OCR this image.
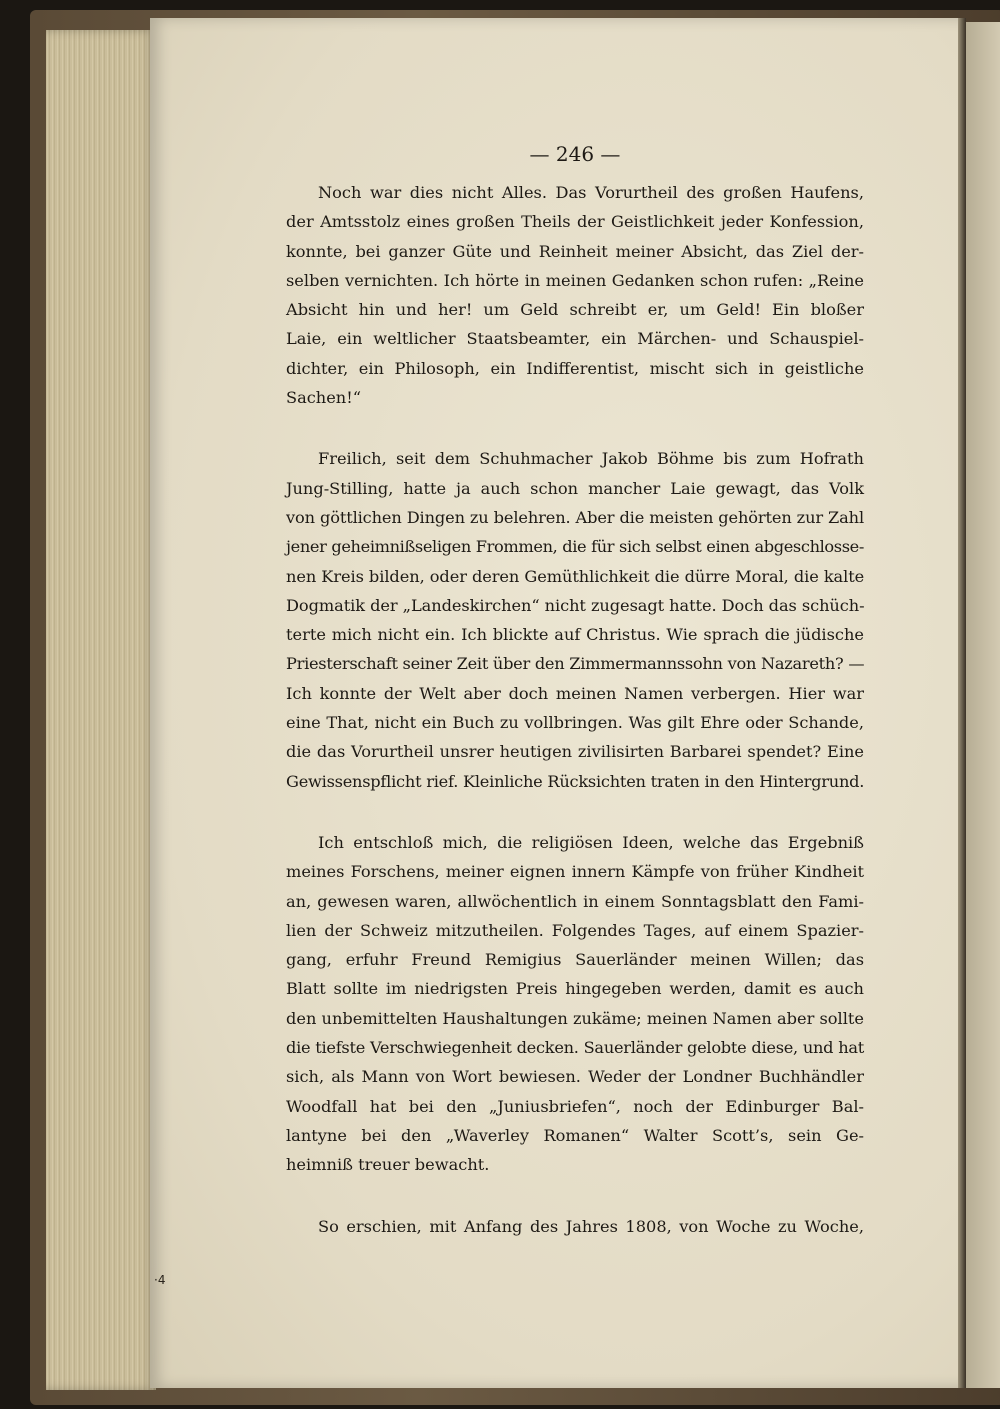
— 246 —
Noch war dies nicht Alles. Das Vorurtheil des großen Haufens,
der Amtsstolz eines großen Theils der Geistlichkeit jeder Konfession,
konnte, bei ganzer Güte und Reinheit meiner Absicht, das Ziel der-
selben vernichten. Ich hörte in meinen Gedanken schon rufen: „Reine
Absicht hin und her! um Geld schreibt er, um Geld! Ein bloßer
Laie, ein weltlicher Staatsbeamter, ein Märchen- und Schauspiel-
dichter, ein Philosoph, ein Indifferentist, mischt sich in geistliche
Sachen!“
Freilich, seit dem Schuhmacher Jakob Böhme bis zum Hofrath
Jung-Stilling, hatte ja auch schon mancher Laie gewagt, das Volk
von göttlichen Dingen zu belehren. Aber die meisten gehörten zur Zahl
jener geheimnißseligen Frommen, die für sich selbst einen abgeschlosse-
nen Kreis bilden, oder deren Gemüthlichkeit die dürre Moral, die kalte
Dogmatik der „Landeskirchen“ nicht zugesagt hatte. Doch das schüch-
terte mich nicht ein. Ich blickte auf Christus. Wie sprach die jüdische
Priesterschaft seiner Zeit über den Zimmermannssohn von Nazareth? —
Ich konnte der Welt aber doch meinen Namen verbergen. Hier war
eine That, nicht ein Buch zu vollbringen. Was gilt Ehre oder Schande,
die das Vorurtheil unsrer heutigen zivilisirten Barbarei spendet? Eine
Gewissenspflicht rief. Kleinliche Rücksichten traten in den Hintergrund.
Ich entschloß mich, die religiösen Ideen, welche das Ergebniß
meines Forschens, meiner eignen innern Kämpfe von früher Kindheit
an, gewesen waren, allwöchentlich in einem Sonntagsblatt den Fami-
lien der Schweiz mitzutheilen. Folgendes Tages, auf einem Spazier-
gang, erfuhr Freund Remigius Sauerländer meinen Willen; das
Blatt sollte im niedrigsten Preis hingegeben werden, damit es auch
den unbemittelten Haushaltungen zukäme; meinen Namen aber sollte
die tiefste Verschwiegenheit decken. Sauerländer gelobte diese, und hat
sich, als Mann von Wort bewiesen. Weder der Londner Buchhändler
Woodfall hat bei den „Juniusbriefen“, noch der Edinburger Bal-
lantyne bei den „Waverley Romanen“ Walter Scott’s, sein Ge-
heimniß treuer bewacht.
So erschien, mit Anfang des Jahres 1808, von Woche zu Woche,
·4
